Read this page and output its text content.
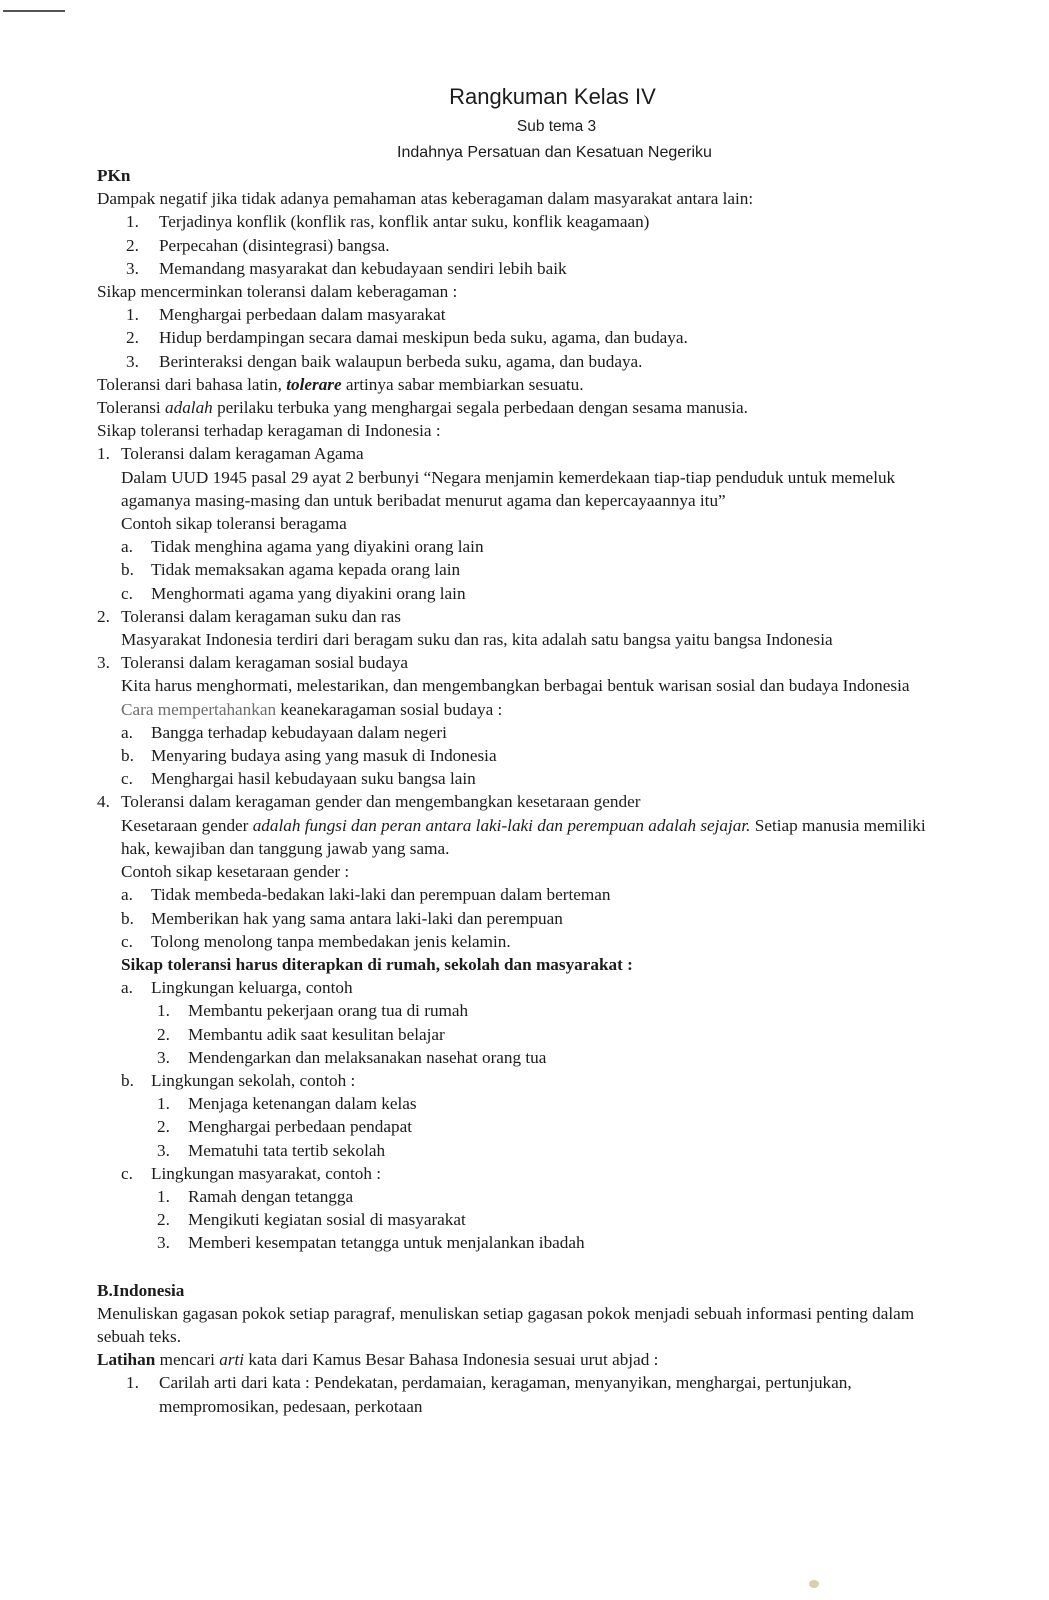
Rangkuman Kelas IV
Sub tema 3
Indahnya Persatuan dan Kesatuan Negeriku

PKn

Dampak negatif jika tidak adanya pemahaman atas keberagaman dalam masyarakat antara lain:

1.	Terjadinya konflik (konflik ras, konflik antar suku, konflik keagamaan)
2.	Perpecahan (disintegrasi) bangsa.
3.	Memandang masyarakat dan kebudayaan sendiri lebih baik

Sikap mencerminkan toleransi dalam keberagaman :

1.	Menghargai perbedaan dalam masyarakat
2.	Hidup berdampingan secara damai meskipun beda suku, agama, dan budaya.
3.	Berinteraksi dengan baik walaupun berbeda suku, agama, dan budaya.

Toleransi dari bahasa latin, tolerare artinya sabar membiarkan sesuatu.

Toleransi adalah perilaku terbuka yang menghargai segala perbedaan dengan sesama manusia.

Sikap toleransi terhadap keragaman di Indonesia :

1. Toleransi dalam keragaman Agama

Dalam UUD 1945 pasal 29 ayat 2 berbunyi “Negara menjamin kemerdekaan tiap-tiap penduduk untuk memeluk agamanya masing-masing dan untuk beribadat menurut agama dan kepercayaannya itu”

Contoh sikap toleransi beragama

a.	Tidak menghina agama yang diyakini orang lain
b. Tidak memaksakan agama kepada orang lain
c.	Menghormati agama yang diyakini orang lain
2. Toleransi dalam keragaman suku dan ras

Masyarakat Indonesia terdiri dari beragam suku dan ras, kita adalah satu bangsa yaitu bangsa Indonesia

3. Toleransi dalam keragaman sosial budaya

Kita harus menghormati, melestarikan, dan mengembangkan berbagai bentuk warisan sosial dan budaya Indonesia

Cara mempertahankan keanekaragaman sosial budaya :

a.	Bangga terhadap kebudayaan dalam negeri
b. Menyaring budaya asing yang masuk di Indonesia
c.	Menghargai hasil kebudayaan suku bangsa lain
4. Toleransi dalam keragaman gender dan mengembangkan kesetaraan gender

Kesetaraan gender adalah fungsi dan peran antara laki-laki dan perempuan adalah sejajar. Setiap manusia memiliki hak, kewajiban dan tanggung jawab yang sama.

Contoh sikap kesetaraan gender :

a.	Tidak membeda-bedakan laki-laki dan perempuan dalam berteman
b. Memberikan hak yang sama antara laki-laki dan perempuan
c.	Tolong menolong tanpa membedakan jenis kelamin.

Sikap toleransi harus diterapkan di rumah, sekolah dan masyarakat :

a.	Lingkungan keluarga, contoh
1.	Membantu pekerjaan orang tua di rumah
2.	Membantu adik saat kesulitan belajar
3.	Mendengarkan dan melaksanakan nasehat orang tua
b. Lingkungan sekolah, contoh :
1.	Menjaga ketenangan dalam kelas
2.	Menghargai perbedaan pendapat
3.	Mematuhi tata tertib sekolah
c.	Lingkungan masyarakat, contoh :
1.	Ramah dengan tetangga
2.	Mengikuti kegiatan sosial di masyarakat
3.	Memberi kesempatan tetangga untuk menjalankan ibadah

B.Indonesia

Menuliskan gagasan pokok setiap paragraf, menuliskan setiap gagasan pokok menjadi sebuah informasi penting dalam sebuah teks.

Latihan mencari arti kata dari Kamus Besar Bahasa Indonesia sesuai urut abjad :

1.	Carilah arti dari kata : Pendekatan, perdamaian, keragaman, menyanyikan, menghargai, pertunjukan, mempromosikan, pedesaan, perkotaan
